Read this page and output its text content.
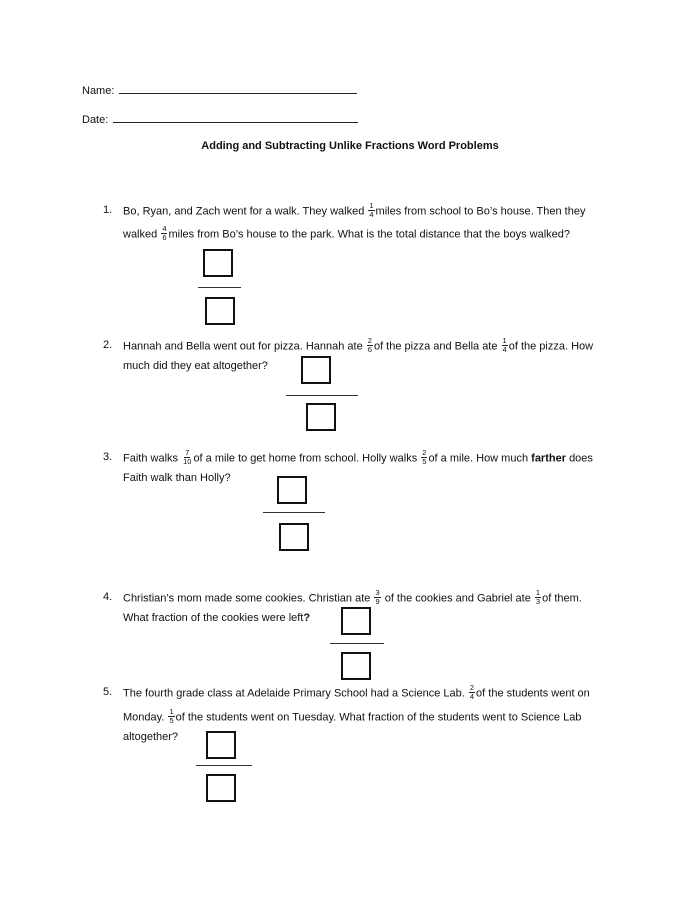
Name:
Date:
Adding and Subtracting Unlike Fractions Word Problems
1. Bo, Ryan, and Zach went for a walk. They walked $\frac{1}{4}$ miles from school to Bo’s house. Then they
walked $\frac{4}{6}$ miles from Bo’s house to the park. What is the total distance that the boys walked?
2. Hannah and Bella went out for pizza. Hannah ate $\frac{2}{6}$ of the pizza and Bella ate $\frac{1}{4}$ of the pizza. How
much did they eat altogether?
3. Faith walks $\frac{7}{10}$ of a mile to get home from school. Holly walks $\frac{2}{5}$ of a mile. How much farther does
Faith walk than Holly?
4. Christian’s mom made some cookies. Christian ate $\frac{3}{9}$ of the cookies and Gabriel ate $\frac{1}{3}$ of them.
What fraction of the cookies were left?
5. The fourth grade class at Adelaide Primary School had a Science Lab. $\frac{2}{4}$ of the students went on
Monday. $\frac{1}{5}$ of the students went on Tuesday. What fraction of the students went to Science Lab
altogether?
